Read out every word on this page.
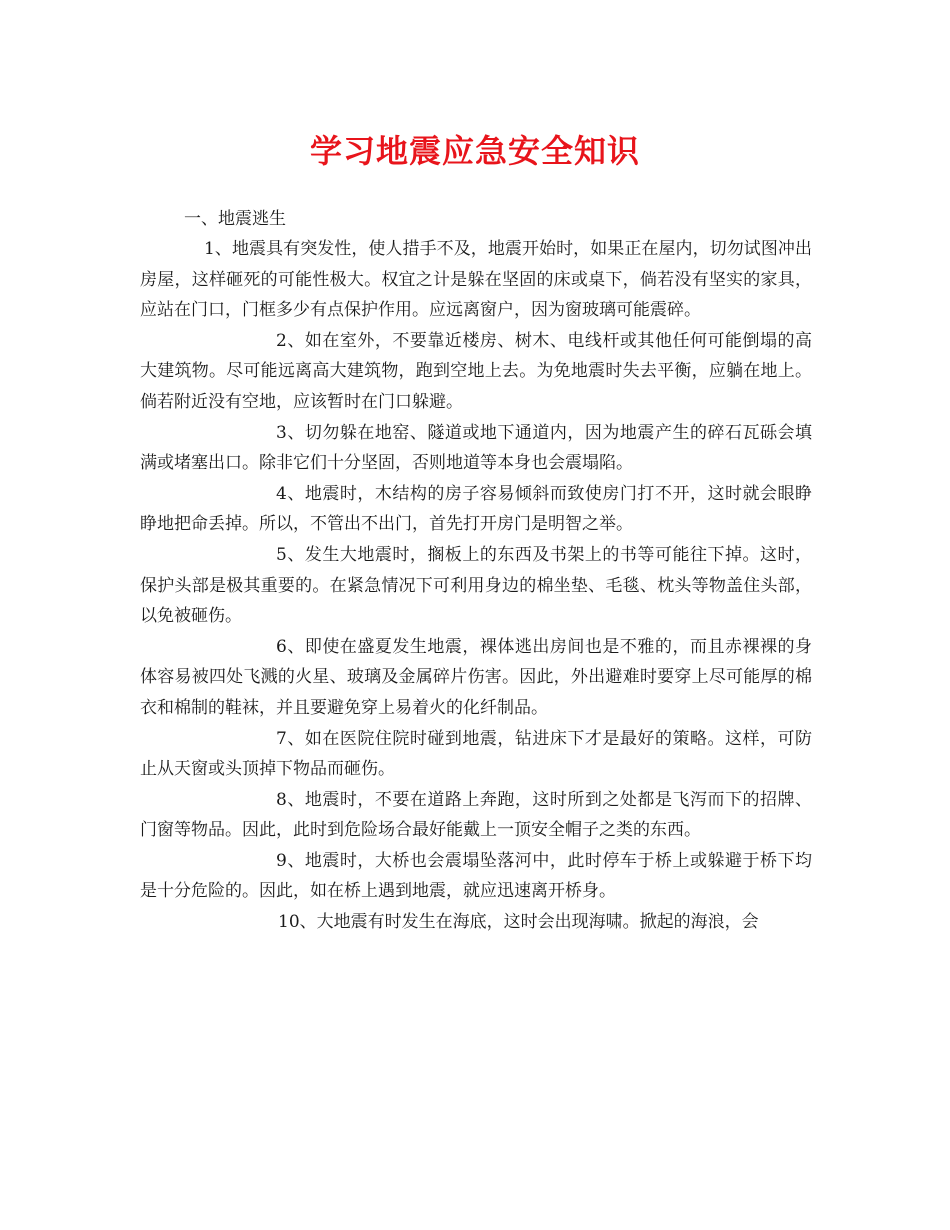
学习地震应急安全知识

一、地震逃生

1、地震具有突发性，使人措手不及，地震开始时，如果正在屋内，切勿试图冲出房屋，这样砸死的可能性极大。权宜之计是躲在坚固的床或桌下，倘若没有坚实的家具，应站在门口，门框多少有点保护作用。应远离窗户，因为窗玻璃可能震碎。

2、如在室外，不要靠近楼房、树木、电线杆或其他任何可能倒塌的高大建筑物。尽可能远离高大建筑物，跑到空地上去。为免地震时失去平衡，应躺在地上。倘若附近没有空地，应该暂时在门口躲避。

3、切勿躲在地窑、隧道或地下通道内，因为地震产生的碎石瓦砾会填满或堵塞出口。除非它们十分坚固，否则地道等本身也会震塌陷。

4、地震时，木结构的房子容易倾斜而致使房门打不开，这时就会眼睁睁地把命丢掉。所以，不管出不出门，首先打开房门是明智之举。

5、发生大地震时，搁板上的东西及书架上的书等可能往下掉。这时，保护头部是极其重要的。在紧急情况下可利用身边的棉坐垫、毛毯、枕头等物盖住头部，以免被砸伤。

6、即使在盛夏发生地震，裸体逃出房间也是不雅的，而且赤裸裸的身体容易被四处飞溅的火星、玻璃及金属碎片伤害。因此，外出避难时要穿上尽可能厚的棉衣和棉制的鞋袜，并且要避免穿上易着火的化纤制品。

7、如在医院住院时碰到地震，钻进床下才是最好的策略。这样，可防止从天窗或头顶掉下物品而砸伤。

8、地震时，不要在道路上奔跑，这时所到之处都是飞泻而下的招牌、门窗等物品。因此，此时到危险场合最好能戴上一顶安全帽子之类的东西。

9、地震时，大桥也会震塌坠落河中，此时停车于桥上或躲避于桥下均是十分危险的。因此，如在桥上遇到地震，就应迅速离开桥身。

10、大地震有时发生在海底，这时会出现海啸。掀起的海浪，会
